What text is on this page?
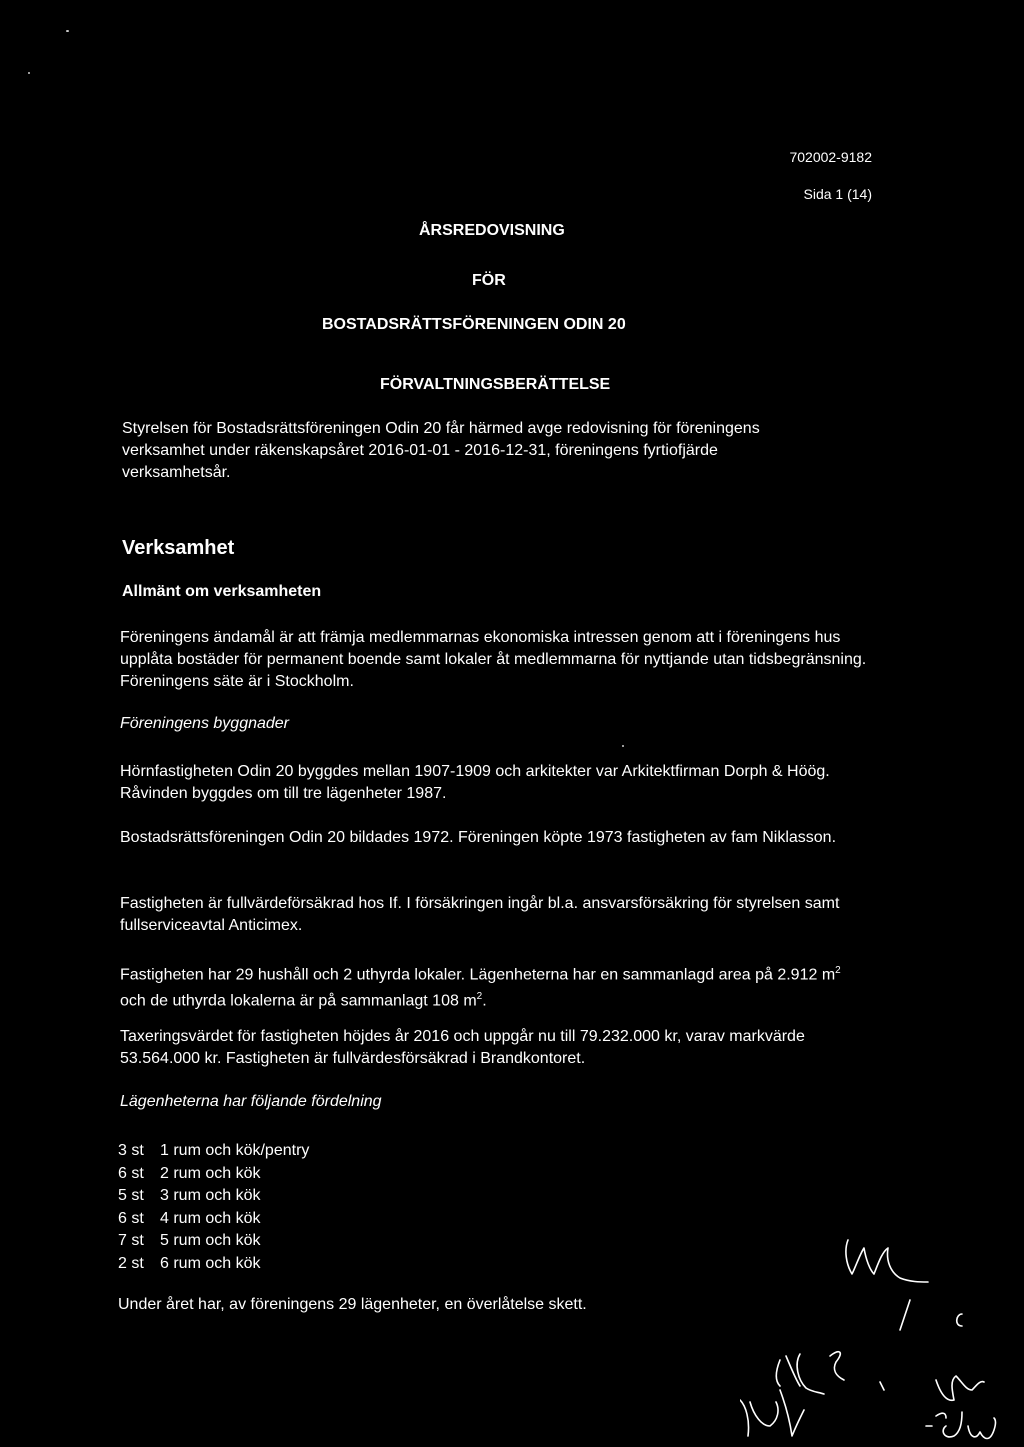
702002-9182
Sida 1 (14)
ÅRSREDOVISNING
FÖR
BOSTADSRÄTTSFÖRENINGEN ODIN 20
FÖRVALTNINGSBERÄTTELSE

Styrelsen för Bostadsrättsföreningen Odin 20 får härmed avge redovisning för föreningens verksamhet under räkenskapsåret 2016-01-01 - 2016-12-31, föreningens fyrtiofjärde verksamhetsår.

Verksamhet
Allmänt om verksamheten

Föreningens ändamål är att främja medlemmarnas ekonomiska intressen genom att i föreningens hus upplåta bostäder för permanent boende samt lokaler åt medlemmarna för nyttjande utan tidsbegränsning. Föreningens säte är i Stockholm.

Föreningens byggnader

Hörnfastigheten Odin 20 byggdes mellan 1907-1909 och arkitekter var Arkitektfirman Dorph & Höög. Råvinden byggdes om till tre lägenheter 1987.

Bostadsrättsföreningen Odin 20 bildades 1972. Föreningen köpte 1973 fastigheten av fam Niklasson.

Fastigheten är fullvärdeförsäkrad hos If. I försäkringen ingår bl.a. ansvarsförsäkring för styrelsen samt fullserviceavtal Anticimex.

Fastigheten har 29 hushåll och 2 uthyrda lokaler. Lägenheterna har en sammanlagd area på 2.912 $m^2$ och de uthyrda lokalerna är på sammanlagt 108 $m^2$.

Taxeringsvärdet för fastigheten höjdes år 2016 och uppgår nu till 79.232.000 kr, varav markvärde 53.564.000 kr. Fastigheten är fullvärdesförsäkrad i Brandkontoret.

Lägenheterna har följande fördelning

3 st 1 rum och kök/pentry
6 st 2 rum och kök
5 st 3 rum och kök
6 st 4 rum och kök
7 st 5 rum och kök
2 st 6 rum och kök

Under året har, av föreningens 29 lägenheter, en överlåtelse skett.
